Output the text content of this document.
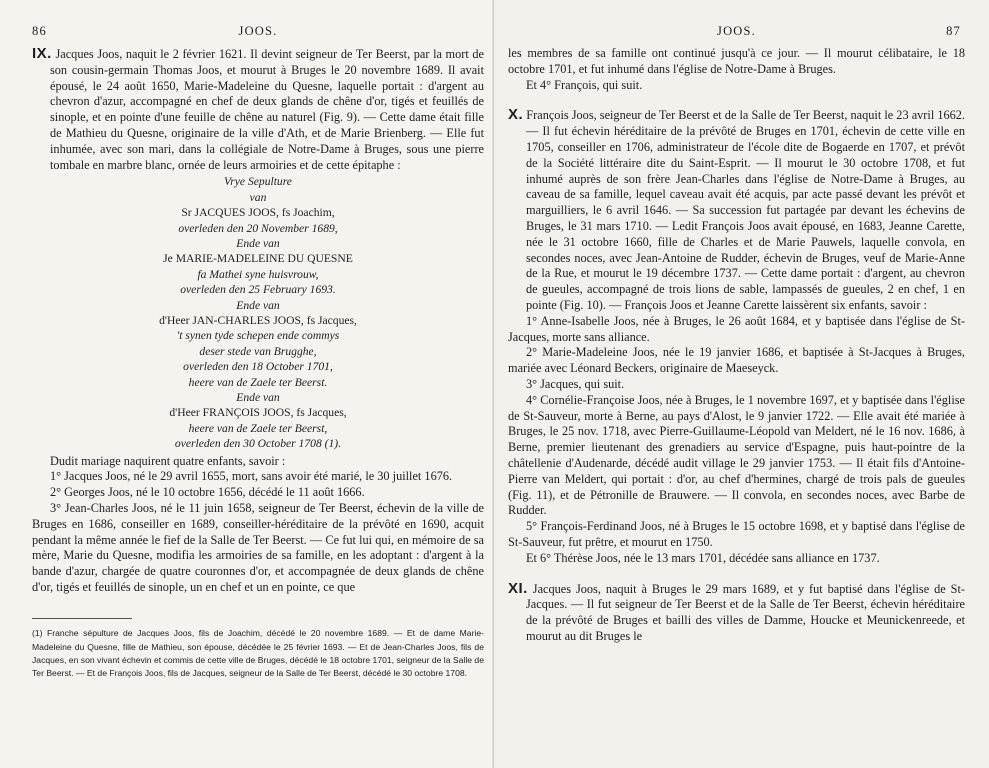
86	JOOS.

IX. Jacques Joos, naquit le 2 février 1621. Il devint seigneur de Ter Beerst, par la mort de son cousin-germain Thomas Joos, et mourut à Bruges le 20 novembre 1689. Il avait épousé, le 24 août 1650, Marie-Madeleine du Quesne, laquelle portait : d'argent au chevron d'azur, accompagné en chef de deux glands de chêne d'or, tigés et feuillés de sinople, et en pointe d'une feuille de chêne au naturel (Fig. 9). — Cette dame était fille de Mathieu du Quesne, originaire de la ville d'Ath, et de Marie Brienberg. — Elle fut inhumée, avec son mari, dans la collégiale de Notre-Dame à Bruges, sous une pierre tombale en marbre blanc, ornée de leurs armoiries et de cette épitaphe :

Vrye Sepulture
van
Sr JACQUES JOOS, fs Joachim,
overleden den 20 November 1689,
Ende van
Je MARIE-MADELEINE DU QUESNE
fa Mathei syne huisvrouw,
overleden den 25 February 1693.
Ende van
d'Heer JAN-CHARLES JOOS, fs Jacques,
't synen tyde schepen ende commys
deser stede van Brugghe,
overleden den 18 October 1701,
heere van de Zaele ter Beerst.
Ende van
d'Heer FRANÇOIS JOOS, fs Jacques,
heere van de Zaele ter Beerst,
overleden den 30 October 1708 (1).

Dudit mariage naquirent quatre enfants, savoir :

1° Jacques Joos, né le 29 avril 1655, mort, sans avoir été marié, le 30 juillet 1676.

2° Georges Joos, né le 10 octobre 1656, décédé le 11 août 1666.

3° Jean-Charles Joos, né le 11 juin 1658, seigneur de Ter Beerst, échevin de la ville de Bruges en 1686, conseiller en 1689, conseiller-héréditaire de la prévôté en 1690, acquit pendant la même année le fief de la Salle de Ter Beerst. — Ce fut lui qui, en mémoire de sa mère, Marie du Quesne, modifia les armoiries de sa famille, en les adoptant : d'argent à la bande d'azur, chargée de quatre couronnes d'or, et accompagnée de deux glands de chêne d'or, tigés et feuillés de sinople, un en chef et un en pointe, ce que

(1) Franche sépulture de Jacques Joos, fils de Joachim, décédé le 20 novembre 1689. — Et de dame Marie-Madeleine du Quesne, fille de Mathieu, son épouse, décédée le 25 février 1693. — Et de Jean-Charles Joos, fils de Jacques, en son vivant échevin et commis de cette ville de Bruges, décédé le 18 octobre 1701, seigneur de la Salle de Ter Beerst. — Et de François Joos, fils de Jacques, seigneur de la Salle de Ter Beerst, décédé le 30 octobre 1708.

JOOS.	87

les membres de sa famille ont continué jusqu'à ce jour. — Il mourut célibataire, le 18 octobre 1701, et fut inhumé dans l'église de Notre-Dame à Bruges.

Et 4° François, qui suit.

X. François Joos, seigneur de Ter Beerst et de la Salle de Ter Beerst, naquit le 23 avril 1662. — Il fut échevin héréditaire de la prévôté de Bruges en 1701, échevin de cette ville en 1705, conseiller en 1706, administrateur de l'école dite de Bogaerde en 1707, et prévôt de la Société littéraire dite du Saint-Esprit. — Il mourut le 30 octobre 1708, et fut inhumé auprès de son frère Jean-Charles dans l'église de Notre-Dame à Bruges, au caveau de sa famille, lequel caveau avait été acquis, par acte passé devant les prévôt et marguilliers, le 6 avril 1646. — Sa succession fut partagée par devant les échevins de Bruges, le 31 mars 1710. — Ledit François Joos avait épousé, en 1683, Jeanne Carette, née le 31 octobre 1660, fille de Charles et de Marie Pauwels, laquelle convola, en secondes noces, avec Jean-Antoine de Rudder, échevin de Bruges, veuf de Marie-Anne de la Rue, et mourut le 19 décembre 1737. — Cette dame portait : d'argent, au chevron de gueules, accompagné de trois lions de sable, lampassés de gueules, 2 en chef, 1 en pointe (Fig. 10). — François Joos et Jeanne Carette laissèrent six enfants, savoir :

1° Anne-Isabelle Joos, née à Bruges, le 26 août 1684, et y baptisée dans l'église de St-Jacques, morte sans alliance.

2° Marie-Madeleine Joos, née le 19 janvier 1686, et baptisée à St-Jacques à Bruges, mariée avec Léonard Beckers, originaire de Maeseyck.

3° Jacques, qui suit.

4° Cornélie-Françoise Joos, née à Bruges, le 1 novembre 1697, et y baptisée dans l'église de St-Sauveur, morte à Berne, au pays d'Alost, le 9 janvier 1722. — Elle avait été mariée à Bruges, le 25 nov. 1718, avec Pierre-Guillaume-Léopold van Meldert, né le 16 nov. 1686, à Berne, premier lieutenant des grenadiers au service d'Espagne, puis haut-pointre de la châtellenie d'Audenarde, décédé audit village le 29 janvier 1753. — Il était fils d'Antoine-Pierre van Meldert, qui portait : d'or, au chef d'hermines, chargé de trois pals de gueules (Fig. 11), et de Pétronille de Brauwere. — Il convola, en secondes noces, avec Barbe de Rudder.

5° François-Ferdinand Joos, né à Bruges le 15 octobre 1698, et y baptisé dans l'église de St-Sauveur, fut prêtre, et mourut en 1750.

Et 6° Thérèse Joos, née le 13 mars 1701, décédée sans alliance en 1737.

XI. Jacques Joos, naquit à Bruges le 29 mars 1689, et y fut baptisé dans l'église de St-Jacques. — Il fut seigneur de Ter Beerst et de la Salle de Ter Beerst, échevin héréditaire de la prévôté de Bruges et bailli des villes de Damme, Houcke et Meunickenreede, et mourut au dit Bruges le
